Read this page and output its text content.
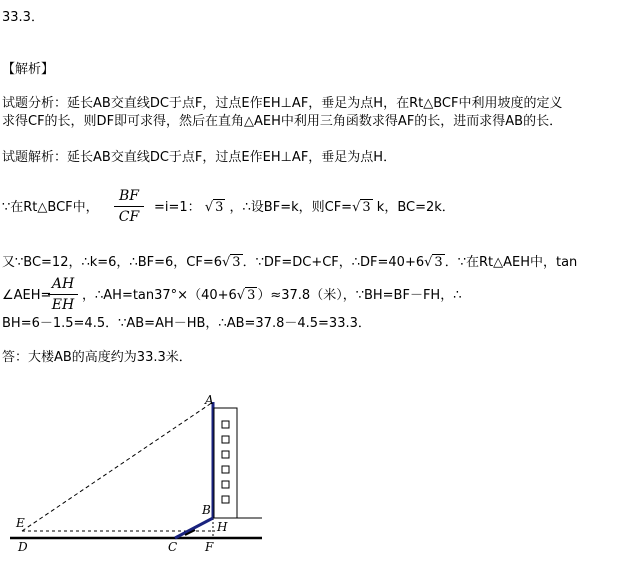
33.3．
【解析】
试题分析：延长AB交直线DC于点F，过点E作EH⊥AF，垂足为点H，在Rt△BCF中利用坡度的定义
求得CF的长，则DF即可求得，然后在直角△AEH中利用三角函数求得AF的长，进而求得AB的长．
试题解析：延长AB交直线DC于点F，过点E作EH⊥AF，垂足为点H．
∵在Rt△BCF中，
BF
CF
=i=1： √ 3 ，∴设BF=k，则CF=√ 3 k，BC=2k．
又∵BC=12，∴k=6，∴BF=6，CF=6√ 3 ．∵DF=DC+CF，∴DF=40+6√ 3 ．∵在Rt△AEH中，tan
∠AEH=
AH
EH
，∴AH=tan37°×（40+6√ 3 ）≈37.8（米），∵BH=BF－FH，∴
BH=6－1.5=4.5．∵AB=AH－HB，∴AB=37.8－4.5=33.3．
答：大楼AB的高度约为33.3米．
A
B
C
D
E
F
H
